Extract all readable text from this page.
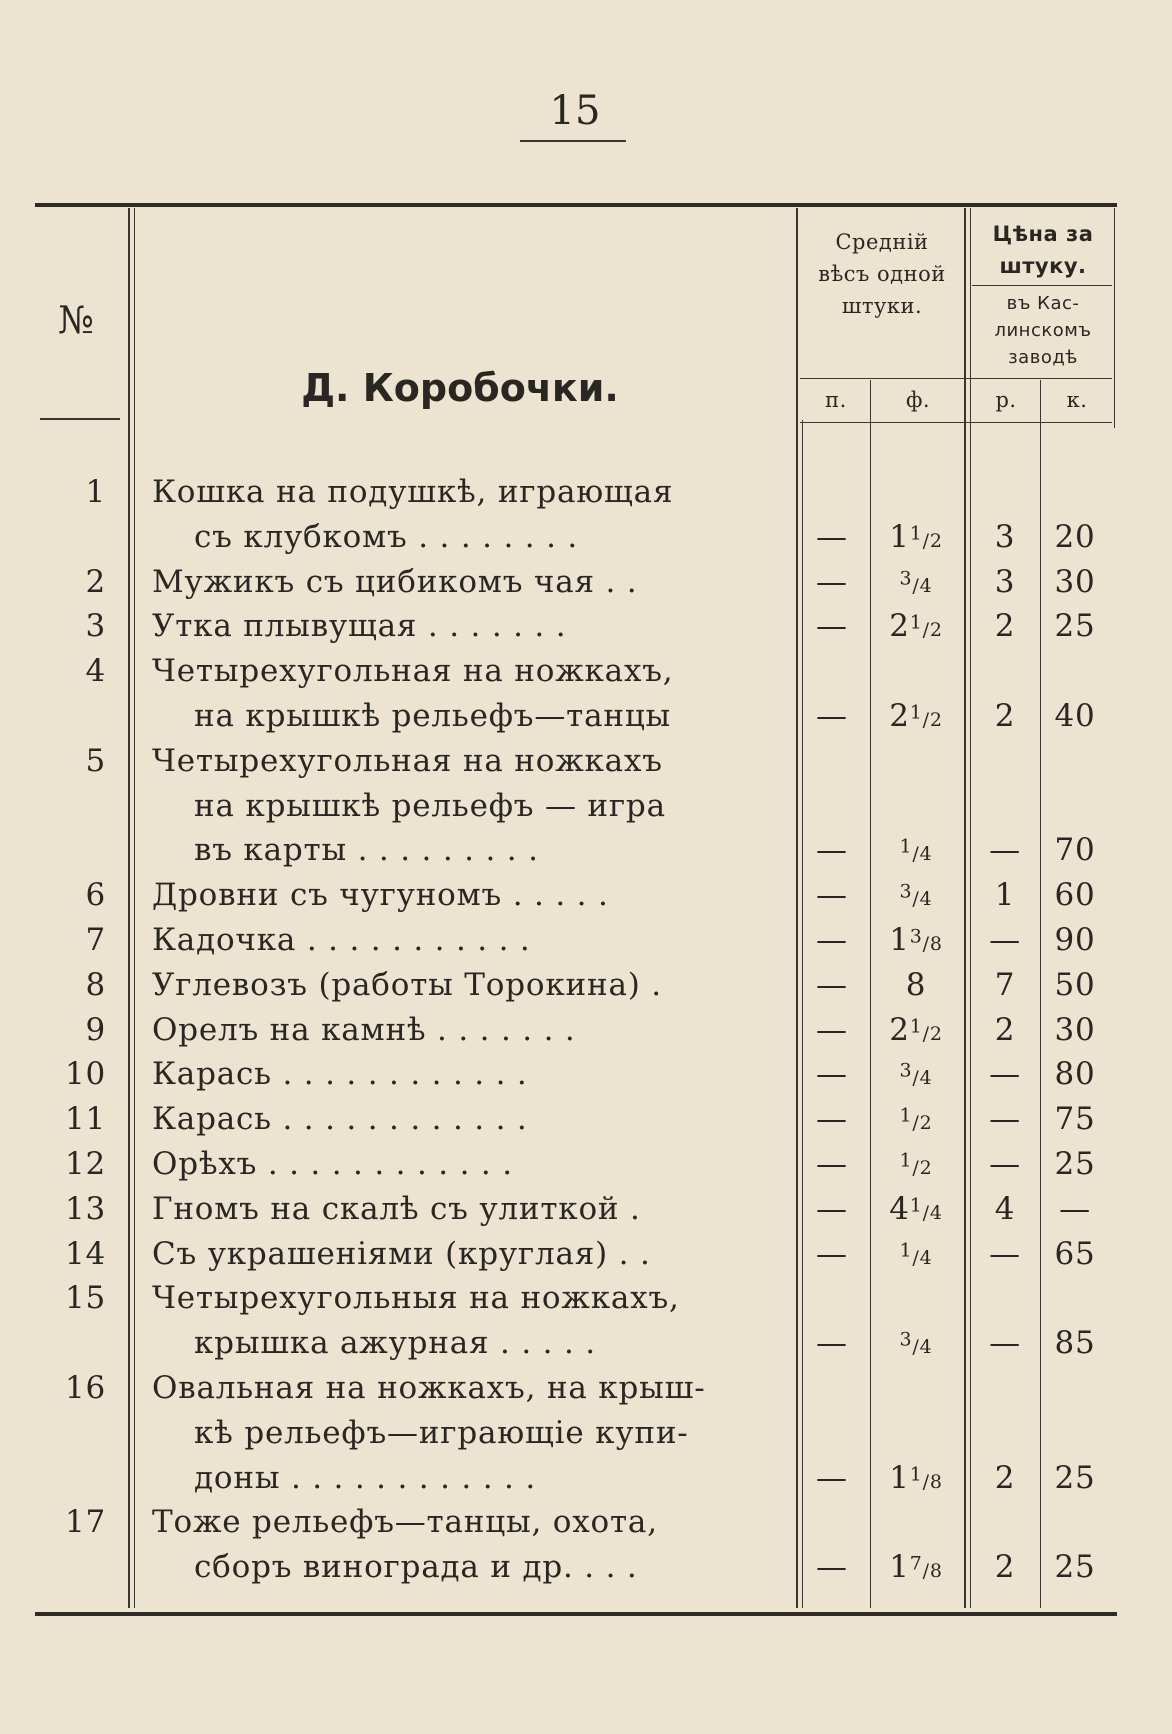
15
№
Д. Коробочки.
Средній
вѣсъ одной
штуки.
Цѣна за
штуку.
въ Кас-
линскомъ
заводѣ
п.	ф.	р.	к.
1 Кошка на подушкѣ, играющая
съ клубкомъ . . . . . . . .	—	$1^1/2$	3	20
2 Мужикъ съ цибикомъ чая . .	—	$^3$/4	3	30
3 Утка плывущая . . . . . . .	—	$2^1/2$	2	25
4 Четырехугольная на ножкахъ,
на крышкѣ рельефъ—танцы	—	$2^1/2$	2	40
5 Четырехугольная на ножкахъ
на крышкѣ рельефъ — игра
въ карты . . . . . . . . .	—	$^1$/4	—	70
6 Дровни съ чугуномъ . . . . .	—	$^3$/4	1	60
7 Кадочка . . . . . . . . . . .	—	$1^3/8$	—	90
8 Углевозъ (работы Торокина) .	—	8	7	50
9 Орелъ на камнѣ . . . . . . .	—	$2^1/2$	2	30
10 Карась . . . . . . . . . . . .	—	$^3$/4	—	80
11 Карась . . . . . . . . . . . .	—	$^1$/2	—	75
12 Орѣхъ . . . . . . . . . . . .	—	$^1$/2	—	25
13 Гномъ на скалѣ съ улиткой .	—	$4^1/4$	4	—
14 Съ украшеніями (круглая) . .	—	$^1$/4	—	65
15 Четырехугольныя на ножкахъ,
крышка ажурная . . . . .	—	$^3$/4	—	85
16 Овальная на ножкахъ, на крыш-
кѣ рельефъ—играющіе купи-
доны . . . . . . . . . . . .	—	$1^1/8$	2	25
17 Тоже рельефъ—танцы, охота,
сборъ винограда и др. . . .	—	$1^7/8$	2	25
